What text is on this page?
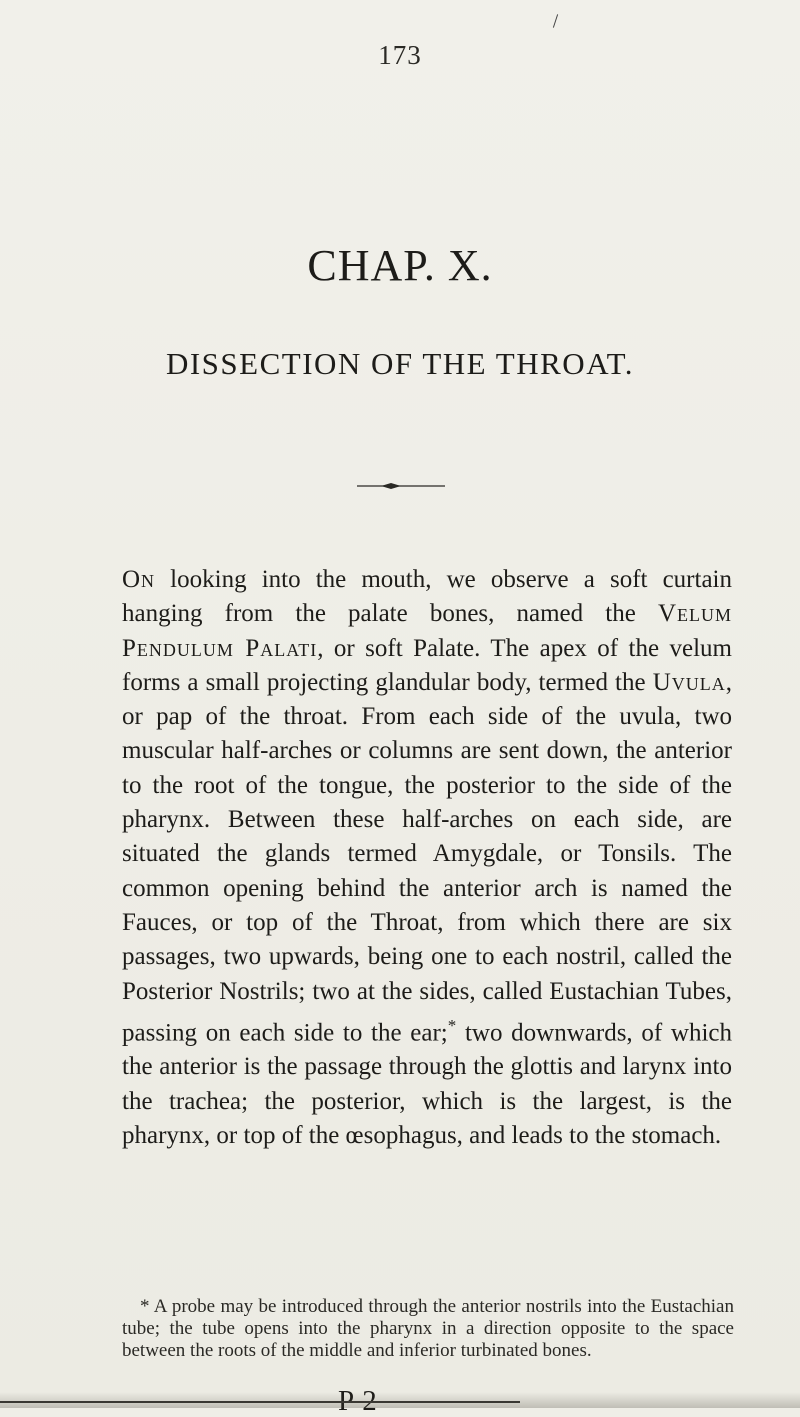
173
CHAP. X.
DISSECTION OF THE THROAT.

On looking into the mouth, we observe a soft curtain hanging from the palate bones, named the Velum Pendulum Palati, or soft Palate. The apex of the velum forms a small projecting glandular body, termed the Uvula, or pap of the throat. From each side of the uvula, two muscular half-arches or columns are sent down, the anterior to the root of the tongue, the posterior to the side of the pharynx. Between these half-arches on each side, are situated the glands termed Amygdale, or Tonsils. The common opening behind the anterior arch is named the Fauces, or top of the Throat, from which there are six passages, two upwards, being one to each nostril, called the Posterior Nostrils; two at the sides, called Eustachian Tubes, passing on each side to the ear;* two downwards, of which the anterior is the passage through the glottis and larynx into the trachea; the posterior, which is the largest, is the pharynx, or top of the œsophagus, and leads to the stomach.

* A probe may be introduced through the anterior nostrils into the Eustachian tube; the tube opens into the pharynx in a direction opposite to the space between the roots of the middle and inferior turbinated bones.
